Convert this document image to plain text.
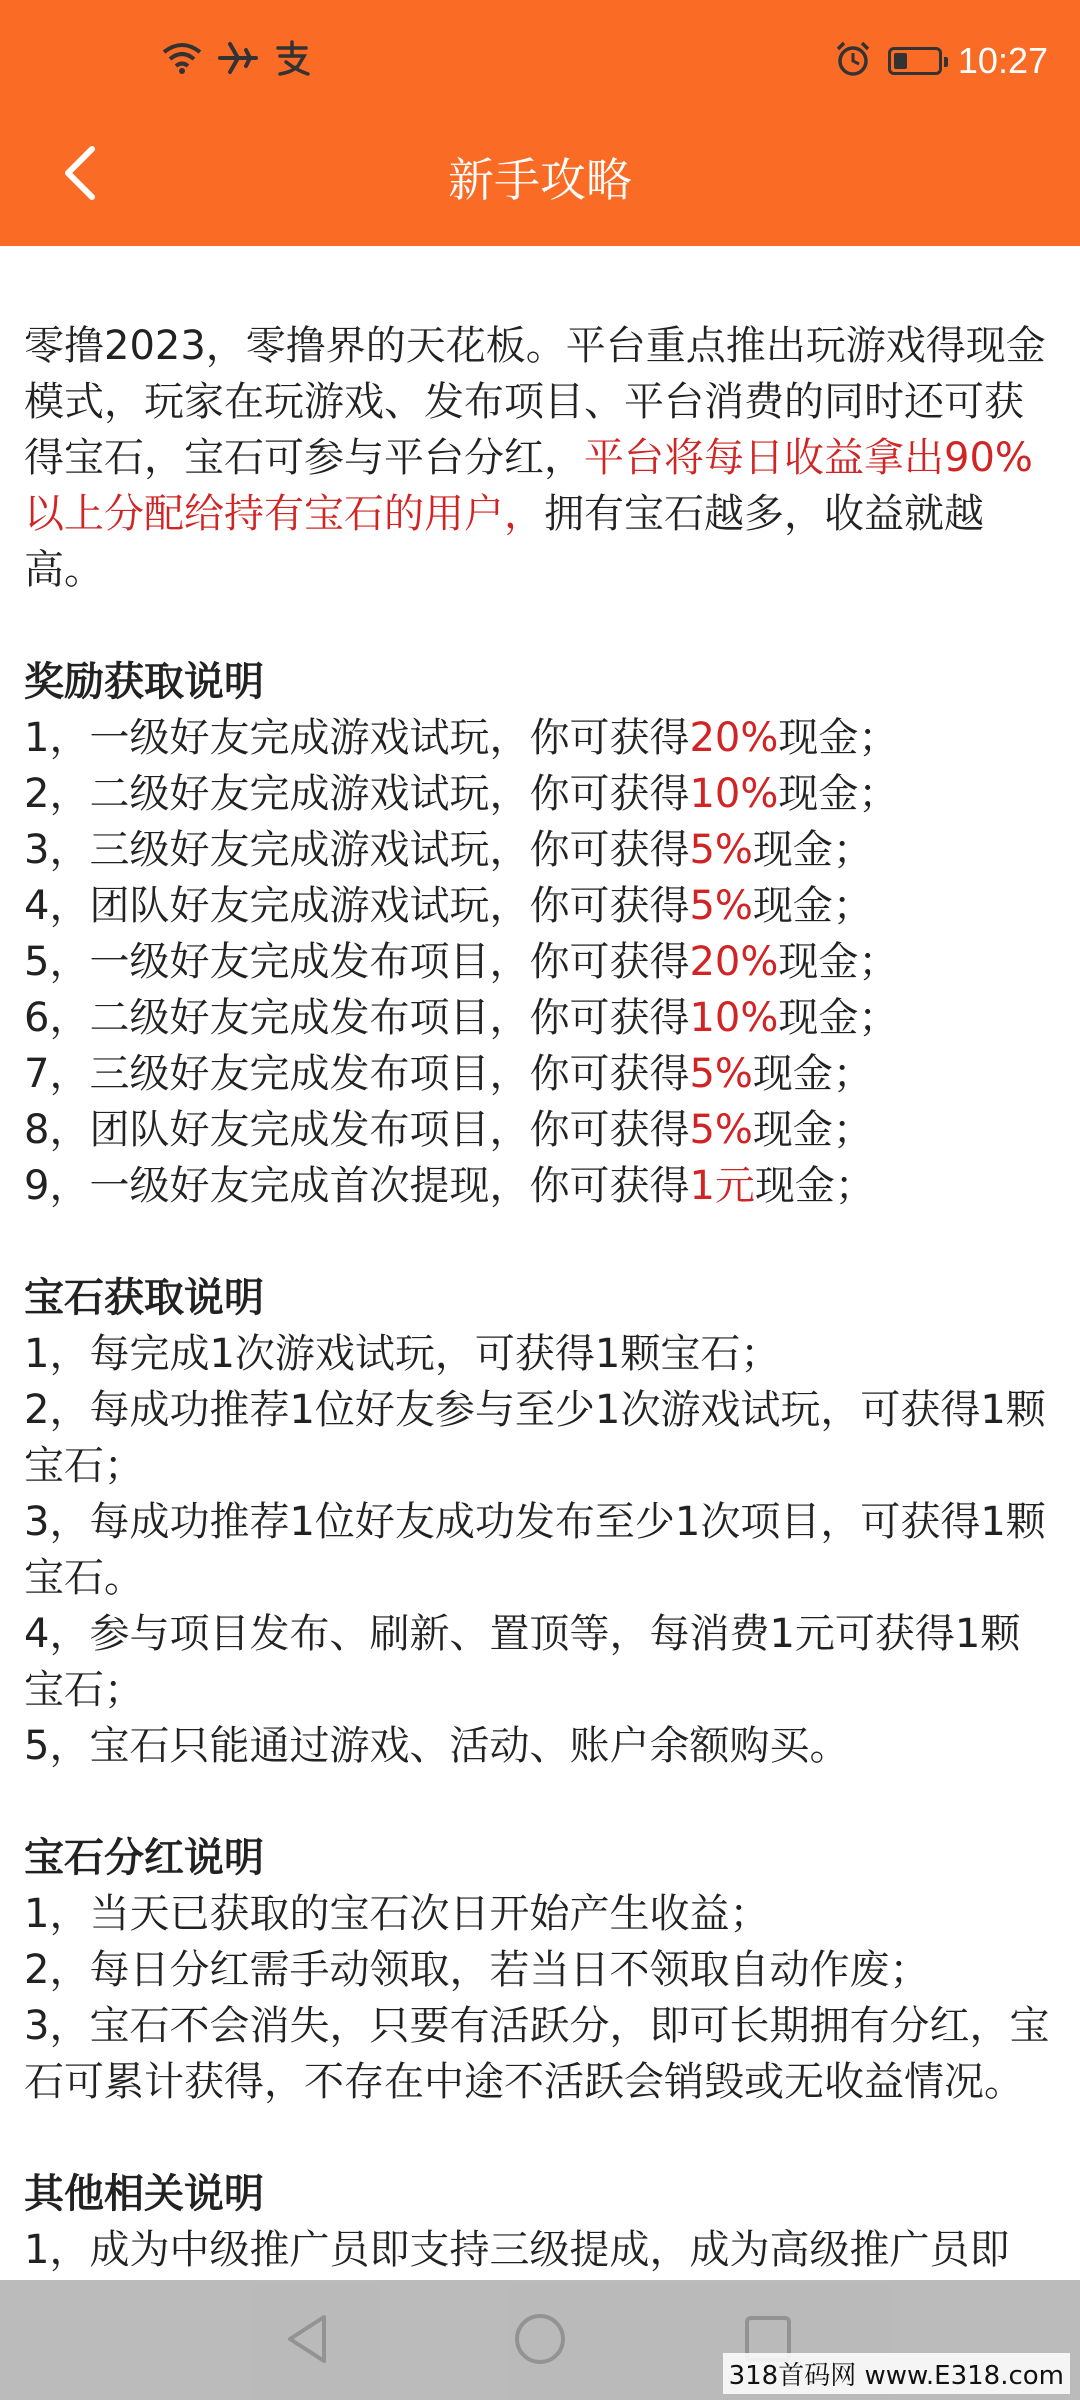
10:27
新手攻略

零撸2023，零撸界的天花板。平台重点推出玩游戏得现金模式，玩家在玩游戏、发布项目、平台消费的同时还可获得宝石，宝石可参与平台分红，平台将每日收益拿出90%以上分配给持有宝石的用户，拥有宝石越多，收益就越高。

奖励获取说明

1，一级好友完成游戏试玩，你可获得20%现金；

2，二级好友完成游戏试玩，你可获得10%现金；

3，三级好友完成游戏试玩，你可获得5%现金；

4，团队好友完成游戏试玩，你可获得5%现金；

5，一级好友完成发布项目，你可获得20%现金；

6，二级好友完成发布项目，你可获得10%现金；

7，三级好友完成发布项目，你可获得5%现金；

8，团队好友完成发布项目，你可获得5%现金；

9，一级好友完成首次提现，你可获得1元现金；

宝石获取说明

1，每完成1次游戏试玩，可获得1颗宝石；

2，每成功推荐1位好友参与至少1次游戏试玩，可获得1颗宝石；

3，每成功推荐1位好友成功发布至少1次项目，可获得1颗宝石。

4，参与项目发布、刷新、置顶等，每消费1元可获得1颗宝石；

5，宝石只能通过游戏、活动、账户余额购买。

宝石分红说明

1，当天已获取的宝石次日开始产生收益；

2，每日分红需手动领取，若当日不领取自动作废；

3，宝石不会消失，只要有活跃分，即可长期拥有分红，宝石可累计获得，不存在中途不活跃会销毁或无收益情况。

其他相关说明

1，成为中级推广员即支持三级提成，成为高级推广员即

318首码网 www.E318.com
